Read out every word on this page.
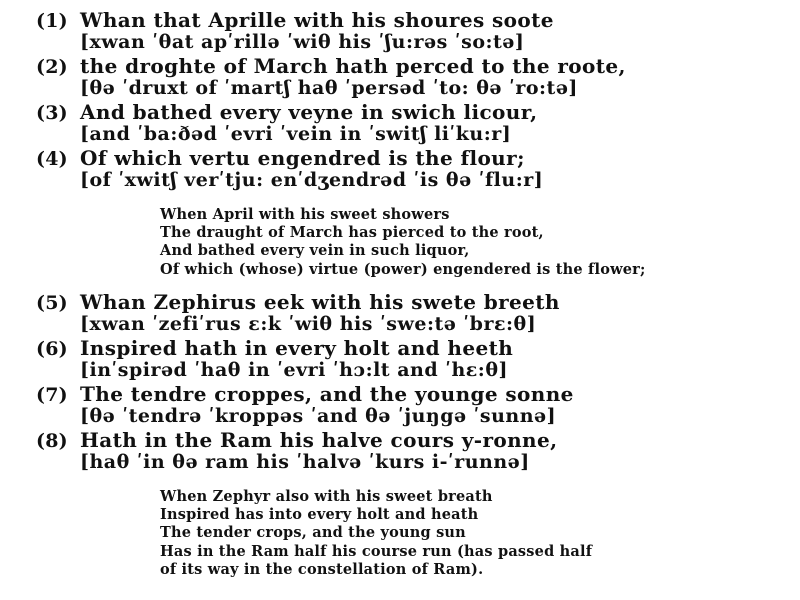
(1) Whan that Aprille with his shoures soote
[xwan ʹθat apʹrillə ʹwiθ his ʹʃu:rəs ʹso:tə]
(2) the droghte of March hath perced to the roote,
[θə ʹdruxt of ʹmartʃ haθ ʹpersəd ʹto: θə ʹro:tə]
(3) And bathed every veyne in swich licour,
[and ʹba:ðəd ʹevri ʹvein in ʹswitʃ liʹku:r]
(4) Of which vertu engendred is the flour;
[of ʹxwitʃ verʹtju: enʹdʒendrəd ʹis θə ʹflu:r]
When April with his sweet showers
The draught of March has pierced to the root,
And bathed every vein in such liquor,
Of which (whose) virtue (power) engendered is the flower;
(5) Whan Zephirus eek with his swete breeth
[xwan ʹzefiʹrus ɛ:k ʹwiθ his ʹswe:tə ʹbrɛ:θ]
(6) Inspired hath in every holt and heeth
[inʹspirəd ʹhaθ in ʹevri ʹhɔ:lt and ʹhɛ:θ]
(7) The tendre croppes, and the younge sonne
[θə ʹtendrə ʹkroppəs ʹand θə ʹjuŋgə ʹsunnə]
(8) Hath in the Ram his halve cours y-ronne,
[haθ ʹin θə ram his ʹhalvə ʹkurs i-ʹrunnə]
When Zephyr also with his sweet breath
Inspired has into every holt and heath
The tender crops, and the young sun
Has in the Ram half his course run (has passed half
of its way in the constellation of Ram).
